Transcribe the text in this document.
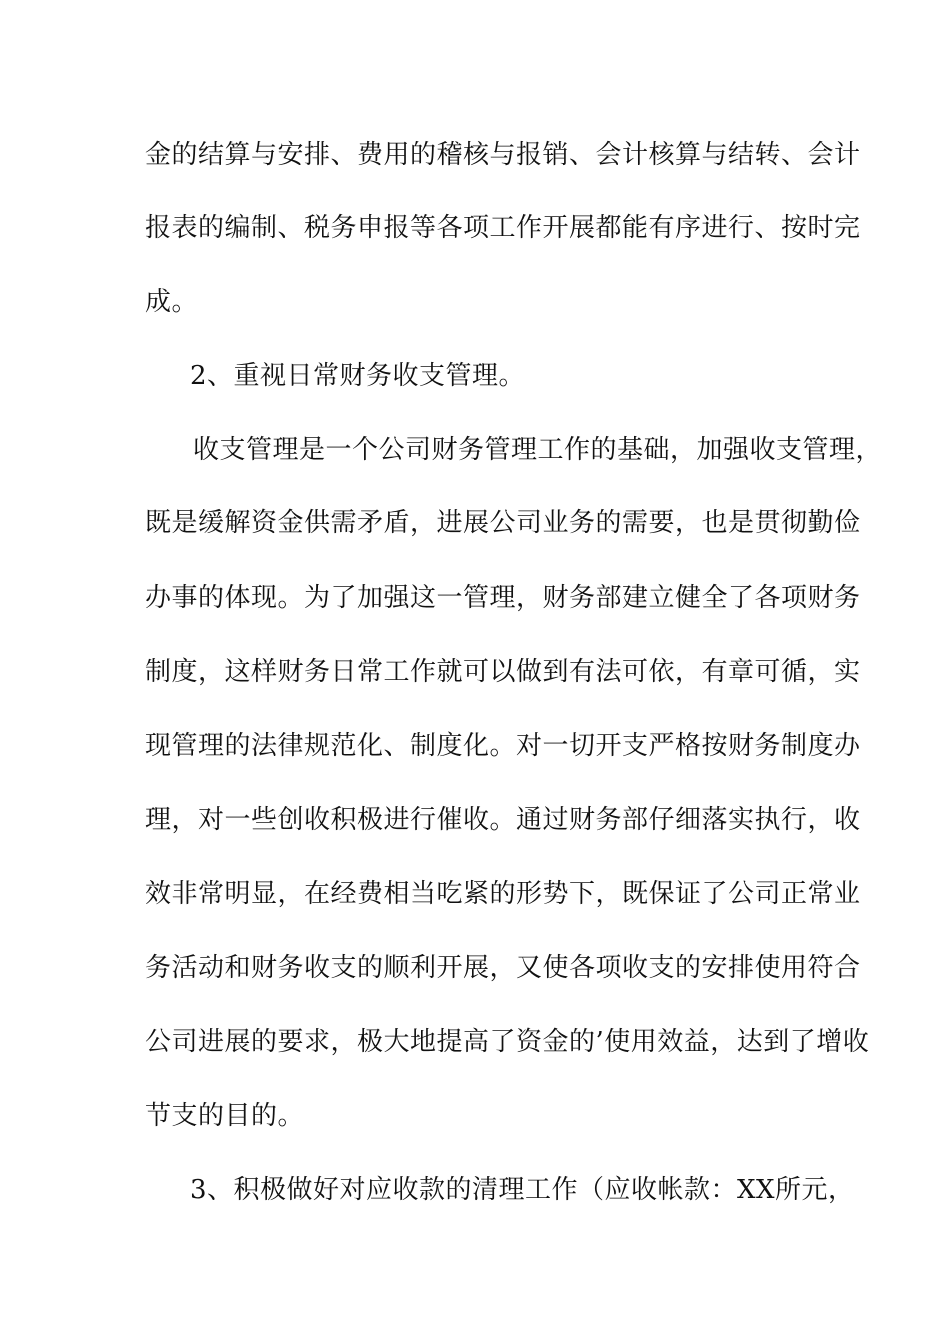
金的结算与安排、费用的稽核与报销、会计核算与结转、会计
报表的编制、税务申报等各项工作开展都能有序进行、按时完
成。
2、重视日常财务收支管理。
收支管理是一个公司财务管理工作的基础，加强收支管理，
既是缓解资金供需矛盾，进展公司业务的需要，也是贯彻勤俭
办事的体现。为了加强这一管理，财务部建立健全了各项财务
制度，这样财务日常工作就可以做到有法可依，有章可循，实
现管理的法律规范化、制度化。对一切开支严格按财务制度办
理，对一些创收积极进行催收。通过财务部仔细落实执行，收
效非常明显，在经费相当吃紧的形势下，既保证了公司正常业
务活动和财务收支的顺利开展，又使各项收支的安排使用符合
公司进展的要求，极大地提高了资金的’使用效益，达到了增收
节支的目的。
3、积极做好对应收款的清理工作（应收帐款：XX所元，
